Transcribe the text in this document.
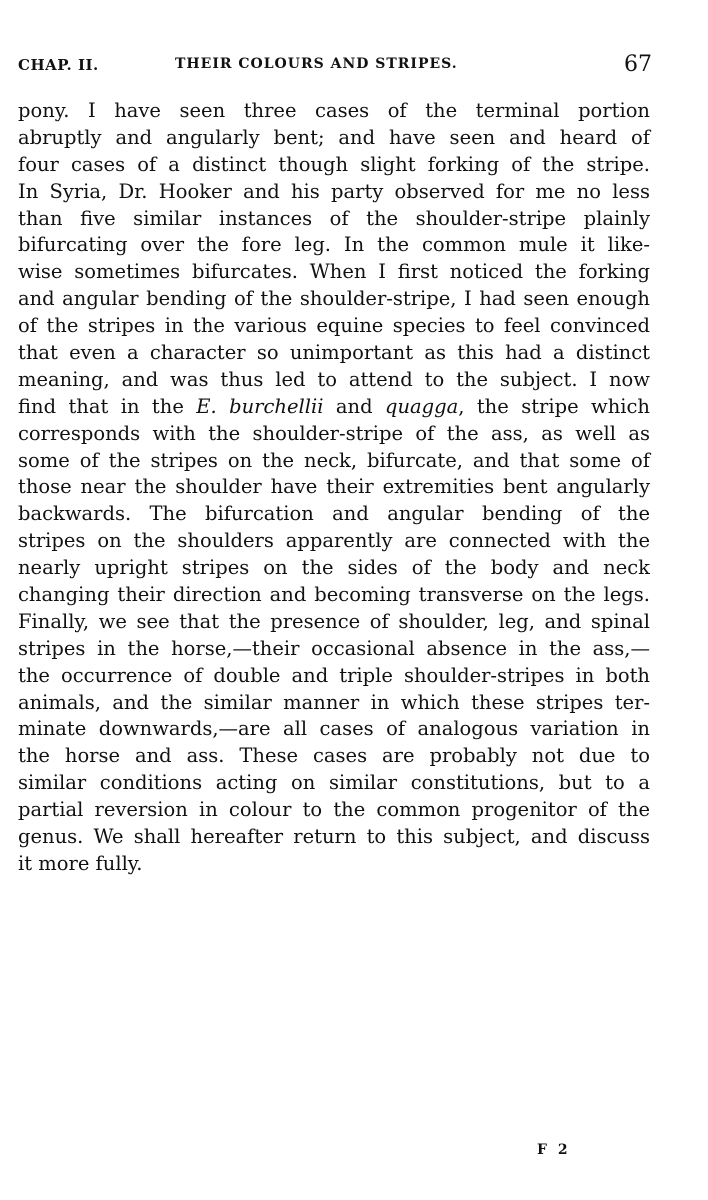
CHAP. II.	THEIR COLOURS AND STRIPES.	67
pony. I have seen three cases of the terminal portion
abruptly and angularly bent; and have seen and heard of
four cases of a distinct though slight forking of the stripe.
In Syria, Dr. Hooker and his party observed for me no less
than five similar instances of the shoulder-stripe plainly
bifurcating over the fore leg. In the common mule it like-
wise sometimes bifurcates. When I first noticed the forking
and angular bending of the shoulder-stripe, I had seen enough
of the stripes in the various equine species to feel convinced
that even a character so unimportant as this had a distinct
meaning, and was thus led to attend to the subject. I now
find that in the E. burchellii and quagga, the stripe which
corresponds with the shoulder-stripe of the ass, as well as
some of the stripes on the neck, bifurcate, and that some of
those near the shoulder have their extremities bent angularly
backwards. The bifurcation and angular bending of the
stripes on the shoulders apparently are connected with the
nearly upright stripes on the sides of the body and neck
changing their direction and becoming transverse on the legs.
Finally, we see that the presence of shoulder, leg, and spinal
stripes in the horse,—their occasional absence in the ass,—
the occurrence of double and triple shoulder-stripes in both
animals, and the similar manner in which these stripes ter-
minate downwards,—are all cases of analogous variation in
the horse and ass. These cases are probably not due to
similar conditions acting on similar constitutions, but to a
partial reversion in colour to the common progenitor of the
genus. We shall hereafter return to this subject, and discuss
it more fully.
F 2
